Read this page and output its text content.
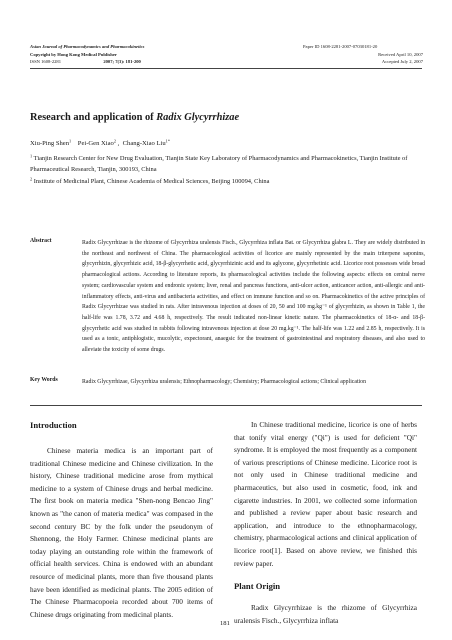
Asian Journal of Pharmacodynamics and Pharmacokinetics
Copyright by Hong Kong Medical Publisher
ISSN 1608-2281	2007; 7(3): 181-200
Paper ID 1608-2281-2007-07030181-20
Received April 10, 2007
Accepted July 2, 2007
Research and application of Radix Glycyrrhizae
Xiu-Ping Shen$^1$ Pei-Gen Xiao$^2$ ,  Chang-Xiao Liu$^{1*}$
$^1$ Tianjin Research Center for New Drug Evaluation, Tianjin State Key Laboratory of Pharmacodynamics and Pharmacokinetics, Tianjin Institute of Pharmaceutical Research, Tianjin, 300193, China
$^2$ Institute of Medicinal Plant, Chinese Academia of Medical Sciences, Beijing 100094, China
Abstract	Radix Glycyrrhizae is the rhizome of Glycyrrhiza uralensis Fisch., Glycyrrhiza inflata Bat. or Glycyrrhiza glabra L. They are widely distributed in the northeast and northwest of China. The pharmacological activities of licorice are mainly represented by the main triterpene saponins, glycyrrhizin, glycyrrhizic acid, 18-β-glycyrrhetic acid, glycyrrhizinic acid and its aglycone, glycyrrhetinic acid. Licorice root possesses wide broad pharmacological actions. According to literature reports, its pharmacological activities include the following aspects: effects on central nerve system; cardiovascular system and endronic system; liver, renal and pancreas functions, anti-ulcer action, anticancer action, anti-allergic and anti-inflammatory effects, anti-virus and antibacteria activities, and effect on immune function and so on. Pharmacokinetics of the active principles of Radix Glycyrrhizae was studied in rats. After intravenous injection at doses of 20, 50 and 100 mg.kg⁻¹ of glycyrrhizin, as shown in Table 1, the half-life was 1.78, 3.72 and 4.68 h, respectively. The result indicated non-linear kinetic nature. The pharmacokinetics of 18-α- and 18-β-glycyrrhetic acid was studied in rabbits following intravenous injection at dose 20 mg.kg⁻¹. The half-life was 1.22 and 2.85 h, respectively. It is used as a tonic, antiphlogistic, mucolytic, expectorant, anaegsic for the treatment of gastrointestinal and respiratory diseases, and also used to alleviate the toxicity of some drugs.
Key Words	Radix Glycyrrhizae, Glycyrrhiza uralensis; Ethnopharmacology; Chemistry; Pharmacological actions; Clinical application
Introduction

Chinese materia medica is an important part of traditional Chinese medicine and Chinese civilization. In the history, Chinese traditional medicine arose from mythical medicine to a system of Chinese drugs and herbal medicine. The first book on materia medica "Shen-nong Bencao Jing" known as "the canon of materia medica" was compased in the second century BC by the folk under the pseudonym of Shennong, the Holy Farmer. Chinese medicinal plants are today playing an outstanding role within the framework of official health services. China is endowed with an abundant resource of medicinal plants, more than five thousand plants have been identified as medicinal plants. The 2005 edition of The Chinese Pharmacopoeia recorded about 700 items of Chinese drugs originating from medicinal plants.

In Chinese traditional medicine, licorice is one of herbs that tonify vital energy ("Qi") is used for deficient "Qi" syndrome. It is employed the most frequently as a component of various prescriptions of Chinese medicine. Licorice root is not only used in Chinese traditional medicine and pharmaceutics, but also used in cosmetic, food, ink and cigarette industries. In 2001, we collected some information and published a review paper about basic research and application, and introduce to the ethnopharmacology, chemistry, pharmacological actions and clinical application of licorice root[1]. Based on above review, we finished this review paper.

Plant Origin

Radix Glycyrrhizae is the rhizome of Glycyrrhiza uralensis Fisch., Glycyrrhiza inflata

181
